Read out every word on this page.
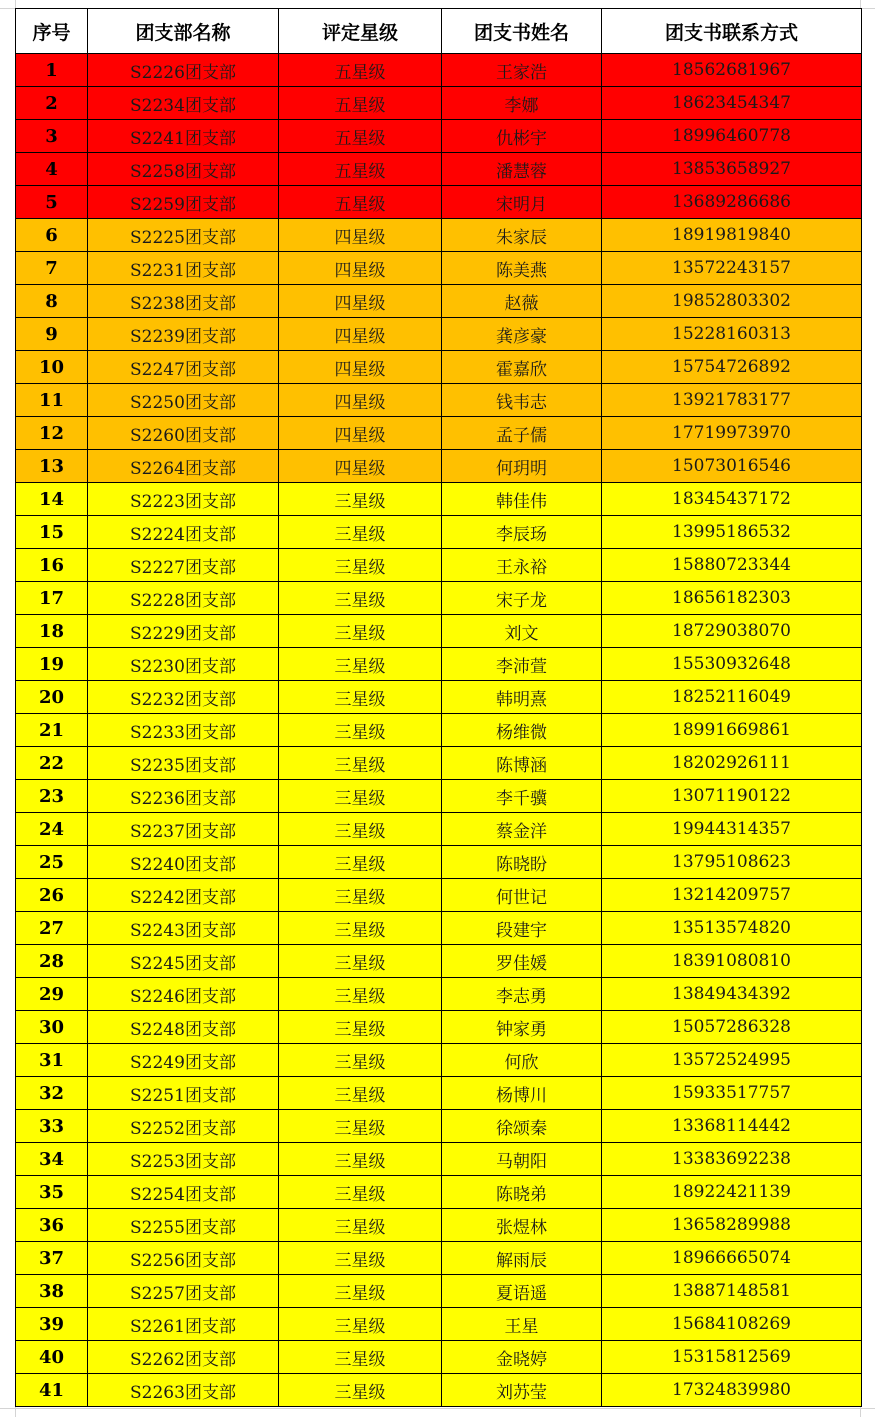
序号	团支部名称	评定星级	团支书姓名	团支书联系方式
1	S2226团支部	五星级	王家浩	18562681967
2	S2234团支部	五星级	李娜	18623454347
3	S2241团支部	五星级	仇彬宇	18996460778
4	S2258团支部	五星级	潘慧蓉	13853658927
5	S2259团支部	五星级	宋明月	13689286686
6	S2225团支部	四星级	朱家辰	18919819840
7	S2231团支部	四星级	陈美燕	13572243157
8	S2238团支部	四星级	赵薇	19852803302
9	S2239团支部	四星级	龚彦豪	15228160313
10	S2247团支部	四星级	霍嘉欣	15754726892
11	S2250团支部	四星级	钱韦志	13921783177
12	S2260团支部	四星级	孟子儒	17719973970
13	S2264团支部	四星级	何玥明	15073016546
14	S2223团支部	三星级	韩佳伟	18345437172
15	S2224团支部	三星级	李辰玚	13995186532
16	S2227团支部	三星级	王永裕	15880723344
17	S2228团支部	三星级	宋子龙	18656182303
18	S2229团支部	三星级	刘文	18729038070
19	S2230团支部	三星级	李沛萱	15530932648
20	S2232团支部	三星级	韩明熹	18252116049
21	S2233团支部	三星级	杨维微	18991669861
22	S2235团支部	三星级	陈博涵	18202926111
23	S2236团支部	三星级	李千骥	13071190122
24	S2237团支部	三星级	蔡金洋	19944314357
25	S2240团支部	三星级	陈晓盼	13795108623
26	S2242团支部	三星级	何世记	13214209757
27	S2243团支部	三星级	段建宇	13513574820
28	S2245团支部	三星级	罗佳媛	18391080810
29	S2246团支部	三星级	李志勇	13849434392
30	S2248团支部	三星级	钟家勇	15057286328
31	S2249团支部	三星级	何欣	13572524995
32	S2251团支部	三星级	杨博川	15933517757
33	S2252团支部	三星级	徐颂秦	13368114442
34	S2253团支部	三星级	马朝阳	13383692238
35	S2254团支部	三星级	陈晓弟	18922421139
36	S2255团支部	三星级	张煜林	13658289988
37	S2256团支部	三星级	解雨辰	18966665074
38	S2257团支部	三星级	夏语遥	13887148581
39	S2261团支部	三星级	王星	15684108269
40	S2262团支部	三星级	金晓婷	15315812569
41	S2263团支部	三星级	刘苏莹	17324839980
